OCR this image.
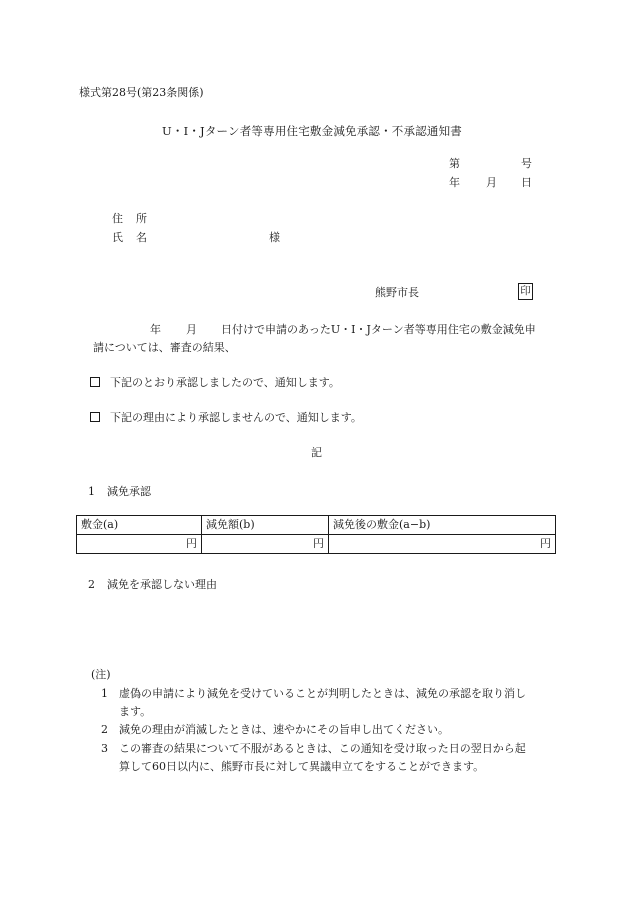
様式第28号(第23条関係)
U・I・Jターン者等専用住宅敷金減免承認・不承認通知書
第	号
年 月 日
住 所
氏 名	様
熊野市長	印
年 月 日付けで申請のあったU・I・Jターン者等専用住宅の敷金減免申
請については、審査の結果、
下記のとおり承認しましたので、通知します。
下記の理由により承認しませんので、通知します。
記
1 減免承認
敷金(a)	減免額(b)	減免後の敷金(a−b)
円	円	円
2 減免を承認しない理由
(注)
1 虚偽の申請により減免を受けていることが判明したときは、減免の承認を取り消し
ます。
2 減免の理由が消滅したときは、速やかにその旨申し出てください。
3 この審査の結果について不服があるときは、この通知を受け取った日の翌日から起
算して60日以内に、熊野市長に対して異議申立てをすることができます。
